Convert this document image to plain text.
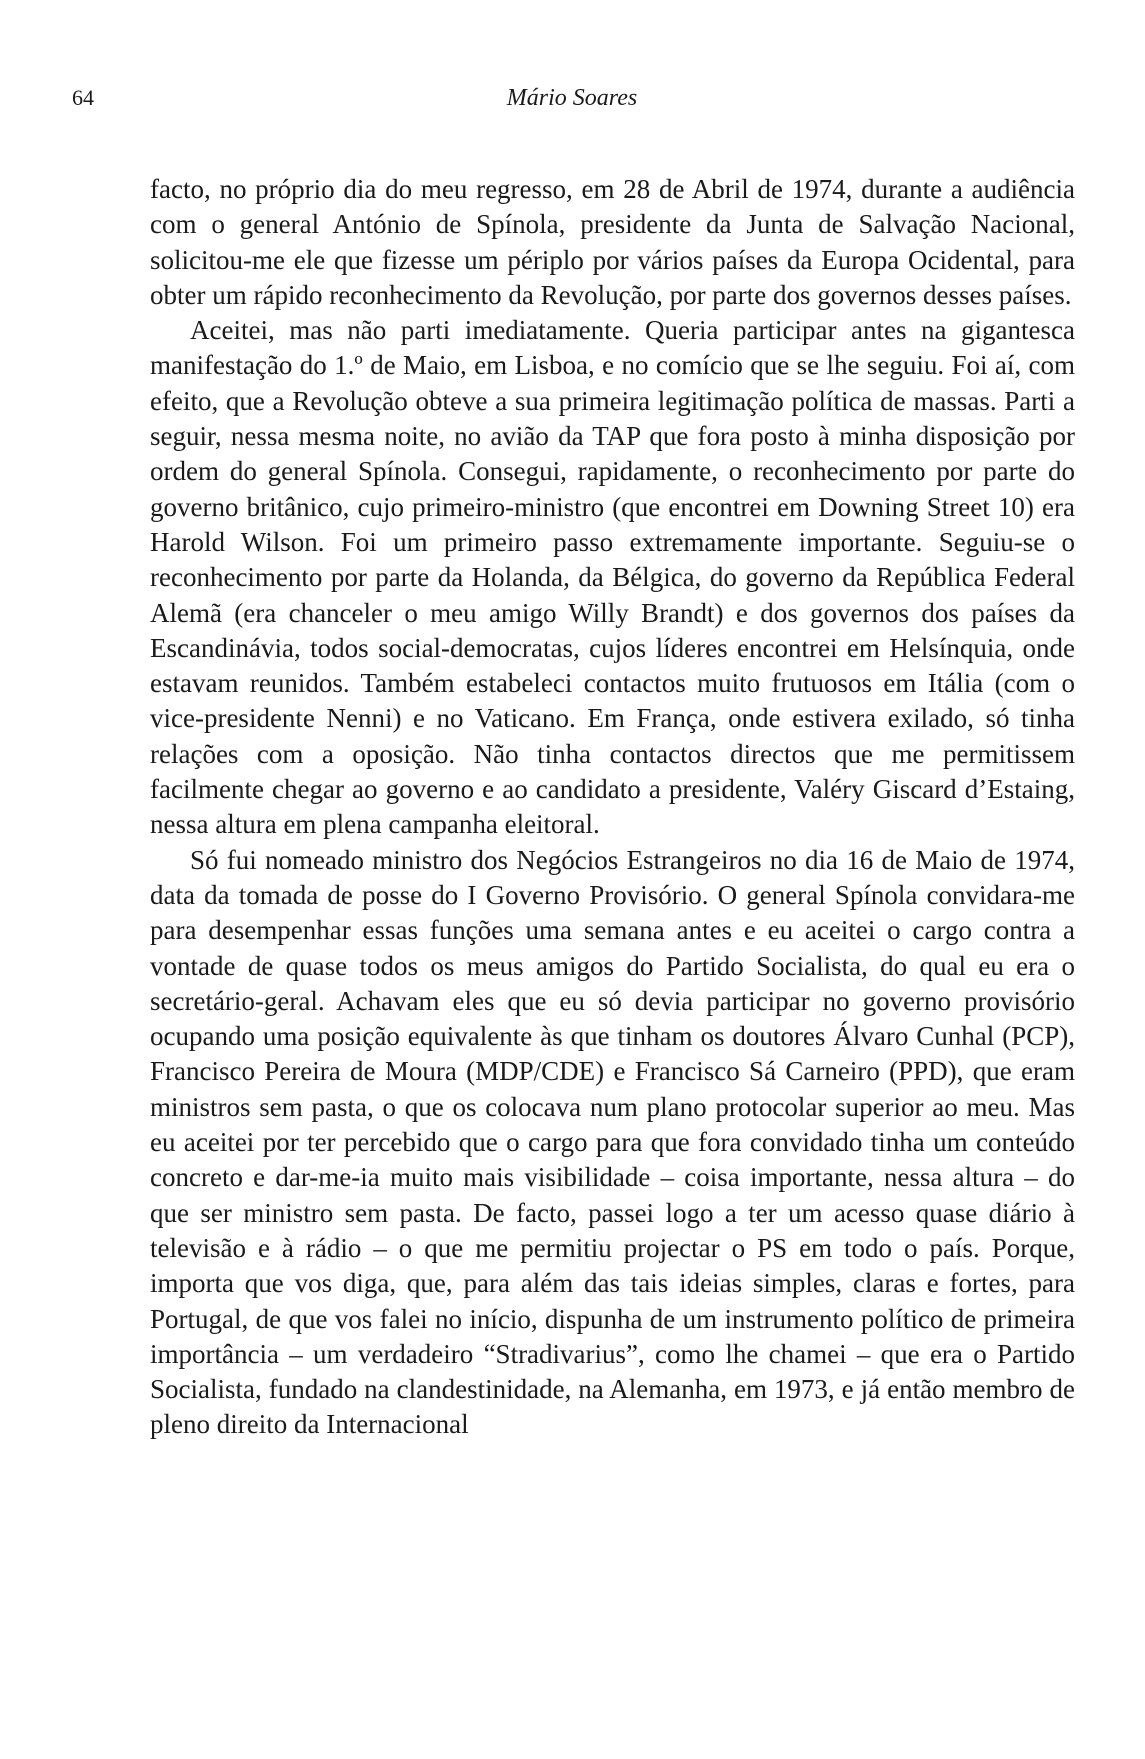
64	Mário Soares

facto, no próprio dia do meu regresso, em 28 de Abril de 1974, durante a audiência com o general António de Spínola, presidente da Junta de Salvação Nacional, solicitou-me ele que fizesse um périplo por vários países da Europa Ocidental, para obter um rápido reconhecimento da Revolução, por parte dos governos desses países.

Aceitei, mas não parti imediatamente. Queria participar antes na gigantesca manifestação do 1.º de Maio, em Lisboa, e no comício que se lhe seguiu. Foi aí, com efeito, que a Revolução obteve a sua primeira legitimação política de massas. Parti a seguir, nessa mesma noite, no avião da TAP que fora posto à minha disposição por ordem do general Spínola. Consegui, rapidamente, o reconhecimento por parte do governo britânico, cujo primeiro-ministro (que encontrei em Downing Street 10) era Harold Wilson. Foi um primeiro passo extremamente importante. Seguiu-se o reconhecimento por parte da Holanda, da Bélgica, do governo da República Federal Alemã (era chanceler o meu amigo Willy Brandt) e dos governos dos países da Escandinávia, todos social-democratas, cujos líderes encontrei em Helsínquia, onde estavam reunidos. Também estabeleci contactos muito frutuosos em Itália (com o vice-presidente Nenni) e no Vaticano. Em França, onde estivera exilado, só tinha relações com a oposição. Não tinha contactos directos que me permitissem facilmente chegar ao governo e ao candidato a presidente, Valéry Giscard d’Estaing, nessa altura em plena campanha eleitoral.

Só fui nomeado ministro dos Negócios Estrangeiros no dia 16 de Maio de 1974, data da tomada de posse do I Governo Provisório. O general Spínola convidara-me para desempenhar essas funções uma semana antes e eu aceitei o cargo contra a vontade de quase todos os meus amigos do Partido Socialista, do qual eu era o secretário-geral. Achavam eles que eu só devia participar no governo provisório ocupando uma posição equivalente às que tinham os doutores Álvaro Cunhal (PCP), Francisco Pereira de Moura (MDP/CDE) e Francisco Sá Carneiro (PPD), que eram ministros sem pasta, o que os colocava num plano protocolar superior ao meu. Mas eu aceitei por ter percebido que o cargo para que fora convidado tinha um conteúdo concreto e dar-me-ia muito mais visibilidade – coisa importante, nessa altura – do que ser ministro sem pasta. De facto, passei logo a ter um acesso quase diário à televisão e à rádio – o que me permitiu projectar o PS em todo o país. Porque, importa que vos diga, que, para além das tais ideias simples, claras e fortes, para Portugal, de que vos falei no início, dispunha de um instrumento político de primeira importância – um verdadeiro “Stradivarius”, como lhe chamei – que era o Partido Socialista, fundado na clandestinidade, na Alemanha, em 1973, e já então membro de pleno direito da Internacional
